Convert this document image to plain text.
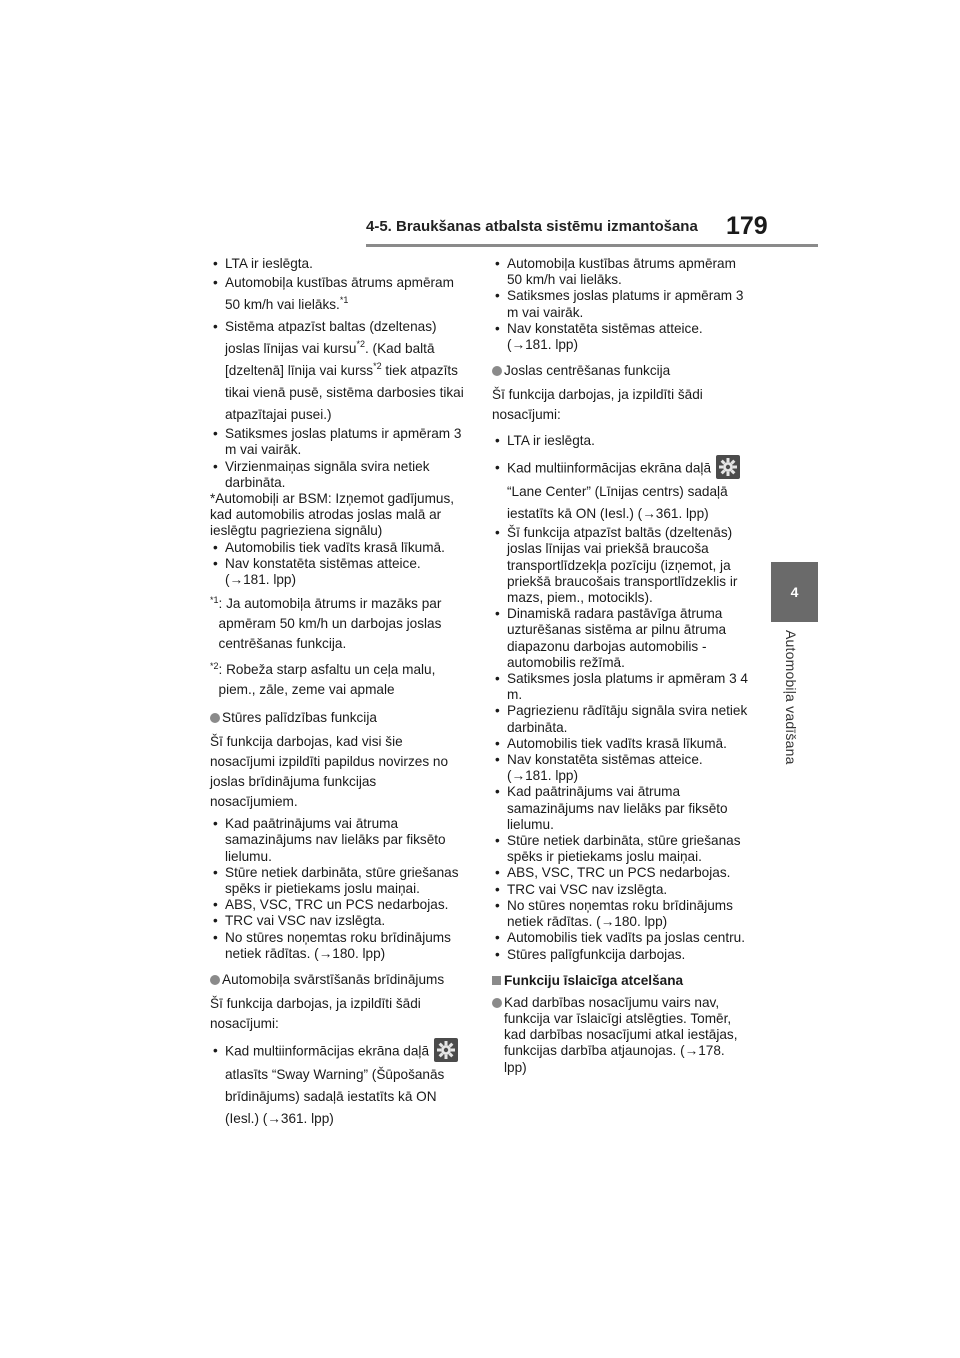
4-5. Braukšanas atbalsta sistēmu izmantošana 179
4
Automobiļa vadīšana
• LTA ir ieslēgta.
• Automobiļa kustības ātrums apmēram 50 km/h vai lielāks.$^{*1}$
• Sistēma atpazīst baltas (dzeltenas) joslas līnijas vai kursu$^{*2}$. (Kad baltā [dzeltenā] līnija vai kurss$^{*2}$ tiek atpazīts tikai vienā pusē, sistēma darbosies tikai atpazītajai pusei.)
• Satiksmes joslas platums ir apmēram 3 m vai vairāk.
• Virzienmaiņas signāla svira netiek darbināta.
*Automobiļi ar BSM: Izņemot gadījumus, kad automobilis atrodas joslas malā ar ieslēgtu pagrieziena signālu)
• Automobilis tiek vadīts krasā līkumā.
• Nav konstatēta sistēmas atteice. (→181. lpp)
*1 : Ja automobiļa ātrums ir mazāks par apmēram 50 km/h un darbojas joslas centrēšanas funkcija.
*2 : Robeža starp asfaltu un ceļa malu, piem., zāle, zeme vai apmale
Stūres palīdzības funkcija

Šī funkcija darbojas, kad visi šie nosacījumi izpildīti papildus novirzes no joslas brīdinājuma funkcijas nosacījumiem.

• Kad paātrinājums vai ātruma samazinājums nav lielāks par fiksēto lielumu.
• Stūre netiek darbināta, stūre griešanas spēks ir pietiekams joslu maiņai.
• ABS, VSC, TRC un PCS nedarbojas.
• TRC vai VSC nav izslēgta.
• No stūres noņemtas roku brīdinājums netiek rādītas. (→180. lpp)
Automobiļa svārstīšanās brīdinājums

Šī funkcija darbojas, ja izpildīti šādi nosacījumi:

• Kad multiinformācijas ekrāna daļā

atlasīts “Sway Warning” (Šūpošanās brīdinājums) sadaļā iestatīts kā ON (Iesl.) (→361. lpp)
• Automobiļa kustības ātrums apmēram 50 km/h vai lielāks.
• Satiksmes joslas platums ir apmēram 3 m vai vairāk.
• Nav konstatēta sistēmas atteice. (→181. lpp)
Joslas centrēšanas funkcija

Šī funkcija darbojas, ja izpildīti šādi nosacījumi:

• LTA ir ieslēgta.
• Kad multiinformācijas ekrāna daļā

“Lane Center” (Līnijas centrs) sadaļā iestatīts kā ON (Iesl.) (→361. lpp)
• Šī funkcija atpazīst baltās (dzeltenās) joslas līnijas vai priekšā braucoša transportlīdzekļa pozīciju (izņemot, ja priekšā braucošais transportlīdzeklis ir mazs, piem., motocikls).
• Dinamiskā radara pastāvīga ātruma uzturēšanas sistēma ar pilnu ātruma diapazonu darbojas automobilis - automobilis režīmā.
• Satiksmes josla platums ir apmēram 3 4 m.
• Pagriezienu rādītāju signāla svira netiek darbināta.
• Automobilis tiek vadīts krasā līkumā.
• Nav konstatēta sistēmas atteice. (→181. lpp)
• Kad paātrinājums vai ātruma samazinājums nav lielāks par fiksēto lielumu.
• Stūre netiek darbināta, stūre griešanas spēks ir pietiekams joslu maiņai.
• ABS, VSC, TRC un PCS nedarbojas.
• TRC vai VSC nav izslēgta.
• No stūres noņemtas roku brīdinājums netiek rādītas. (→180. lpp)
• Automobilis tiek vadīts pa joslas centru.
• Stūres palīgfunkcija darbojas.
Funkciju īslaicīga atcelšana
Kad darbības nosacījumu vairs nav, funkcija var īslaicīgi atslēgties. Tomēr, kad darbības nosacījumi atkal iestājas, funkcijas darbība atjaunojas. (→178. lpp)
